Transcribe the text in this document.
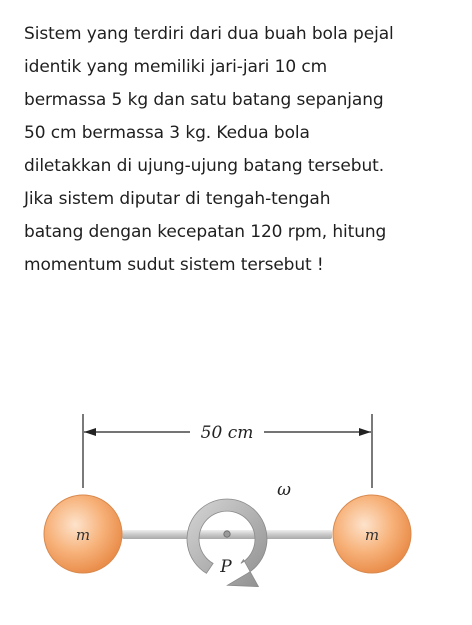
Sistem yang terdiri dari dua buah bola pejal
identik yang memiliki jari-jari 10 cm
bermassa 5 kg dan satu batang sepanjang
50 cm bermassa 3 kg. Kedua bola
diletakkan di ujung-ujung batang tersebut.
Jika sistem diputar di tengah-tengah
batang dengan kecepatan 120 rpm, hitung
momentum sudut sistem tersebut !
50 cm
P
ω
m	m
